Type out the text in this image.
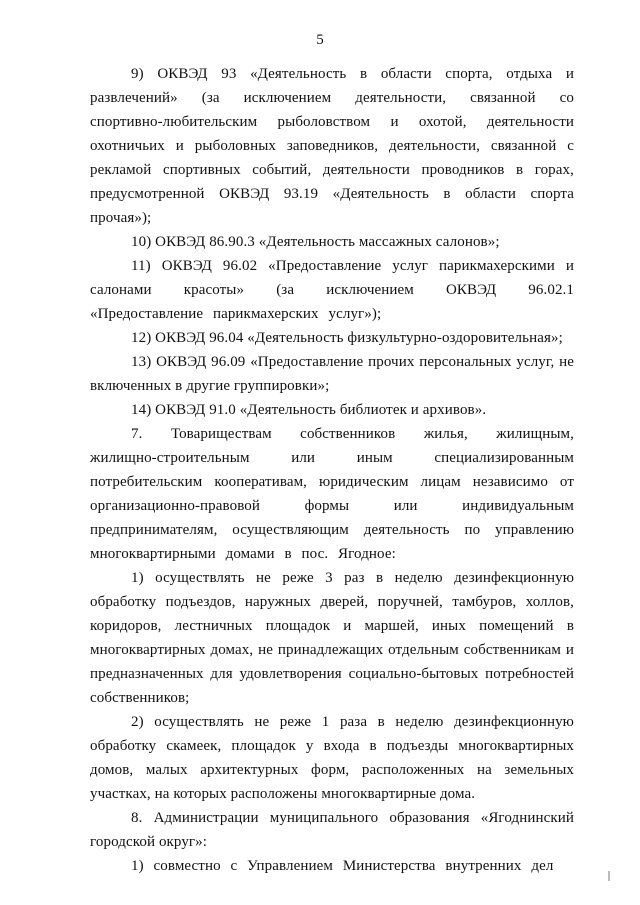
5

9) ОКВЭД 93 «Деятельность в области спорта, отдыха и развлечений» (за исключением деятельности, связанной со спортивно-любительским рыболовством и охотой, деятельности охотничьих и рыболовных заповедников, деятельности, связанной с рекламой спортивных событий, деятельности проводников в горах, предусмотренной ОКВЭД 93.19 «Деятельность в области спорта прочая»);

10) ОКВЭД 86.90.3 «Деятельность массажных салонов»;

11) ОКВЭД 96.02 «Предоставление услуг парикмахерскими и салонами красоты» (за исключением ОКВЭД 96.02.1 «Предоставление парикмахерских услуг»);

12) ОКВЭД 96.04 «Деятельность физкультурно-оздоровительная»;

13) ОКВЭД 96.09 «Предоставление прочих персональных услуг, не включенных в другие группировки»;

14) ОКВЭД 91.0 «Деятельность библиотек и архивов».

7. Товариществам собственников жилья, жилищным, жилищно-строительным или иным специализированным потребительским кооперативам, юридическим лицам независимо от организационно-правовой формы или индивидуальным предпринимателям, осуществляющим деятельность по управлению многоквартирными домами в пос. Ягодное:

1) осуществлять не реже 3 раз в неделю дезинфекционную обработку подъездов, наружных дверей, поручней, тамбуров, холлов, коридоров, лестничных площадок и маршей, иных помещений в многоквартирных домах, не принадлежащих отдельным собственникам и предназначенных для удовлетворения социально-бытовых потребностей собственников;

2) осуществлять не реже 1 раза в неделю дезинфекционную обработку скамеек, площадок у входа в подъезды многоквартирных домов, малых архитектурных форм, расположенных на земельных участках, на которых расположены многоквартирные дома.

8. Администрации муниципального образования «Ягоднинский городской округ»:

1) совместно с Управлением Министерства внутренних дел
